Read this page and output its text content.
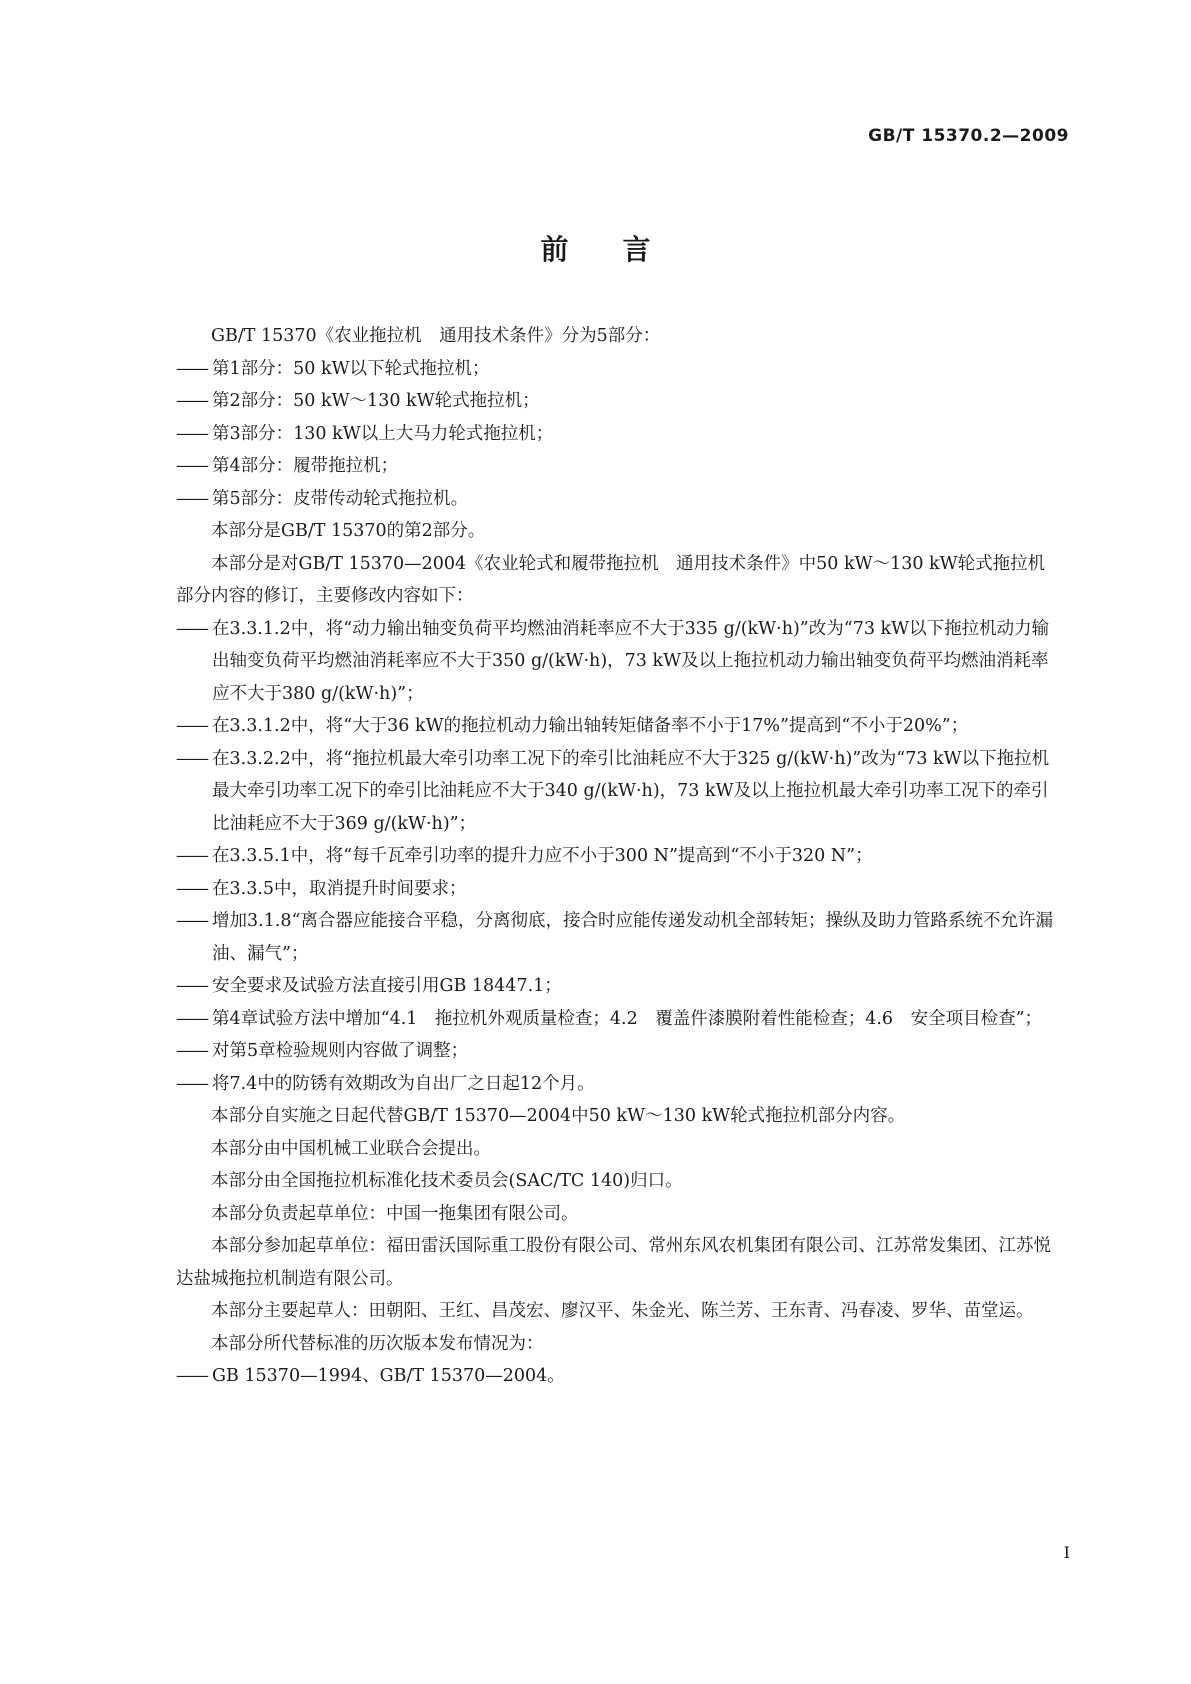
GB/T 15370.2—2009
前言

GB/T 15370《农业拖拉机　通用技术条件》分为5部分：

—— 第1部分：50 kW以下轮式拖拉机；

—— 第2部分：50 kW～130 kW轮式拖拉机；

—— 第3部分：130 kW以上大马力轮式拖拉机；

—— 第4部分：履带拖拉机；

—— 第5部分：皮带传动轮式拖拉机。

本部分是GB/T 15370的第2部分。

本部分是对GB/T 15370—2004《农业轮式和履带拖拉机　通用技术条件》中50 kW～130 kW轮式拖拉机部分内容的修订，主要修改内容如下：

—— 在3.3.1.2中，将“动力输出轴变负荷平均燃油消耗率应不大于335 g/(kW·h)”改为“73 kW以下拖拉机动力输出轴变负荷平均燃油消耗率应不大于350 g/(kW·h)，73 kW及以上拖拉机动力输出轴变负荷平均燃油消耗率应不大于380 g/(kW·h)”；

—— 在3.3.1.2中，将“大于36 kW的拖拉机动力输出轴转矩储备率不小于17%”提高到“不小于20%”；

—— 在3.3.2.2中，将“拖拉机最大牵引功率工况下的牵引比油耗应不大于325 g/(kW·h)”改为“73 kW以下拖拉机最大牵引功率工况下的牵引比油耗应不大于340 g/(kW·h)，73 kW及以上拖拉机最大牵引功率工况下的牵引比油耗应不大于369 g/(kW·h)”；

—— 在3.3.5.1中，将“每千瓦牵引功率的提升力应不小于300 N”提高到“不小于320 N”；

—— 在3.3.5中，取消提升时间要求；

—— 增加3.1.8“离合器应能接合平稳，分离彻底，接合时应能传递发动机全部转矩；操纵及助力管路系统不允许漏油、漏气”；

—— 安全要求及试验方法直接引用GB 18447.1；

—— 第4章试验方法中增加“4.1　拖拉机外观质量检查；4.2　覆盖件漆膜附着性能检查；4.6　安全项目检查”；

—— 对第5章检验规则内容做了调整；

—— 将7.4中的防锈有效期改为自出厂之日起12个月。

本部分自实施之日起代替GB/T 15370—2004中50 kW～130 kW轮式拖拉机部分内容。

本部分由中国机械工业联合会提出。

本部分由全国拖拉机标准化技术委员会(SAC/TC 140)归口。

本部分负责起草单位：中国一拖集团有限公司。

本部分参加起草单位：福田雷沃国际重工股份有限公司、常州东风农机集团有限公司、江苏常发集团、江苏悦达盐城拖拉机制造有限公司。

本部分主要起草人：田朝阳、王红、昌茂宏、廖汉平、朱金光、陈兰芳、王东青、冯春凌、罗华、苗堂运。

本部分所代替标准的历次版本发布情况为：

—— GB 15370—1994、GB/T 15370—2004。

I
